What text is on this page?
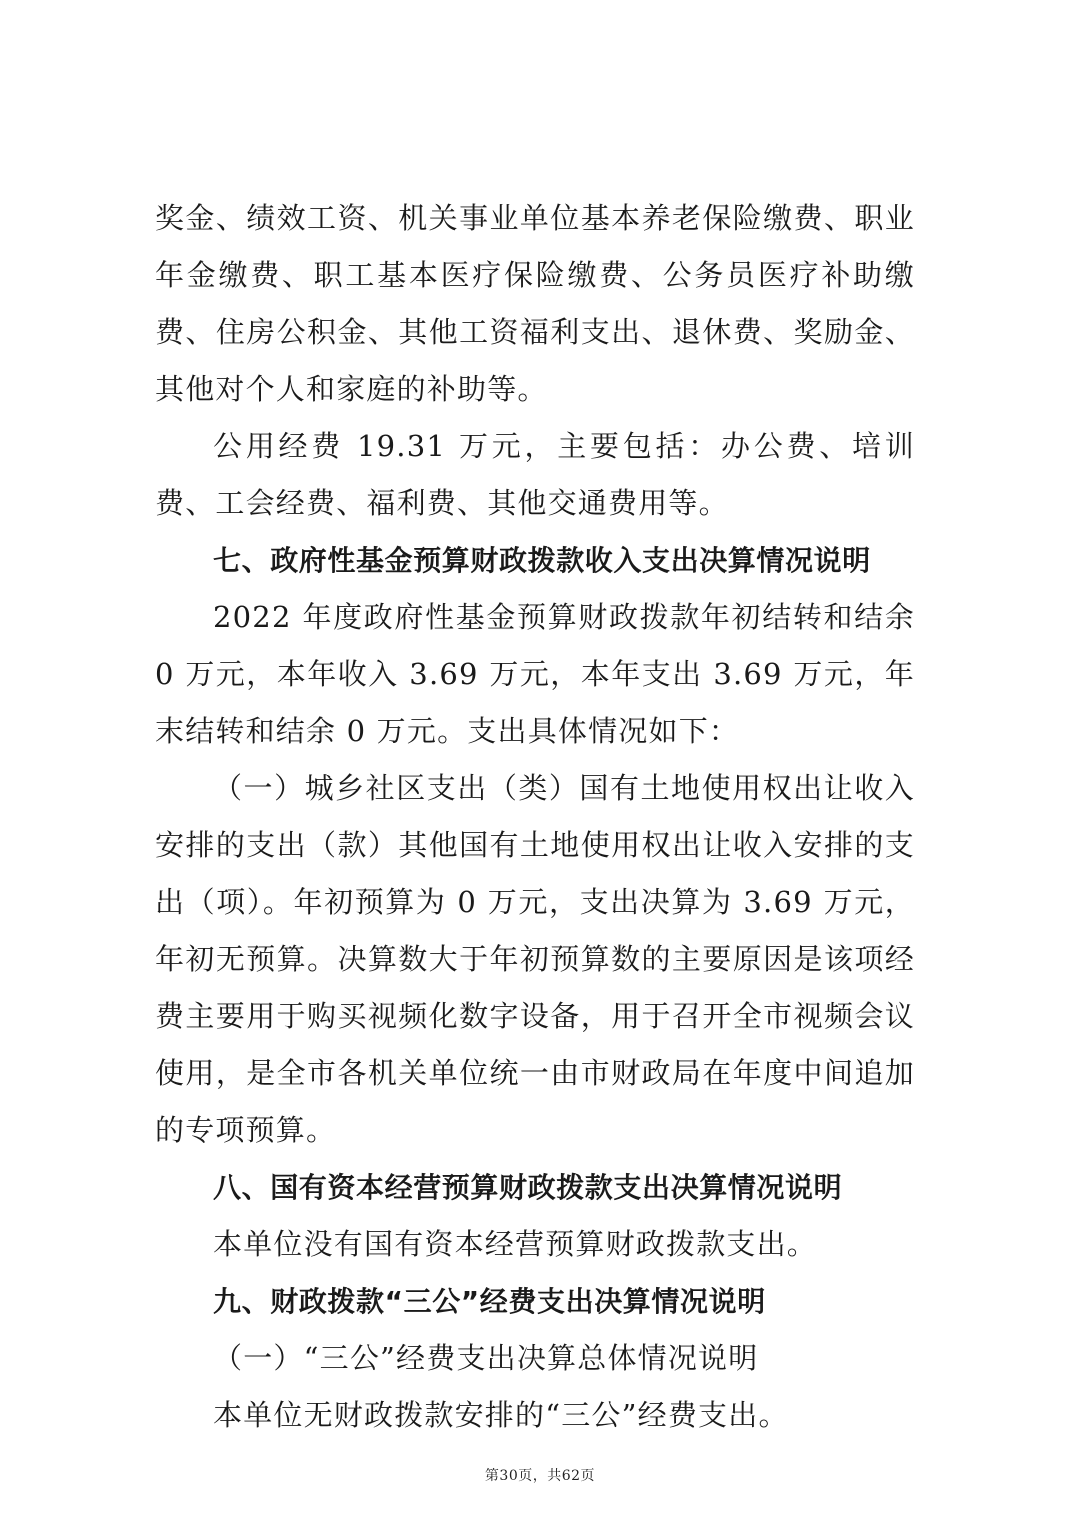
奖金、绩效工资、机关事业单位基本养老保险缴费、职业年金缴费、职工基本医疗保险缴费、公务员医疗补助缴费、住房公积金、其他工资福利支出、退休费、奖励金、其他对个人和家庭的补助等。

公用经费 19.31 万元，主要包括：办公费、培训费、工会经费、福利费、其他交通费用等。

七、政府性基金预算财政拨款收入支出决算情况说明

2022 年度政府性基金预算财政拨款年初结转和结余 0 万元，本年收入 3.69 万元，本年支出 3.69 万元，年末结转和结余 0 万元。支出具体情况如下：

（一）城乡社区支出（类）国有土地使用权出让收入安排的支出（款）其他国有土地使用权出让收入安排的支出（项）。年初预算为 0 万元，支出决算为 3.69 万元，年初无预算。决算数大于年初预算数的主要原因是该项经费主要用于购买视频化数字设备，用于召开全市视频会议使用，是全市各机关单位统一由市财政局在年度中间追加的专项预算。

八、国有资本经营预算财政拨款支出决算情况说明

本单位没有国有资本经营预算财政拨款支出。

九、财政拨款“三公”经费支出决算情况说明

（一）“三公”经费支出决算总体情况说明

本单位无财政拨款安排的“三公”经费支出。

第30页，共62页
